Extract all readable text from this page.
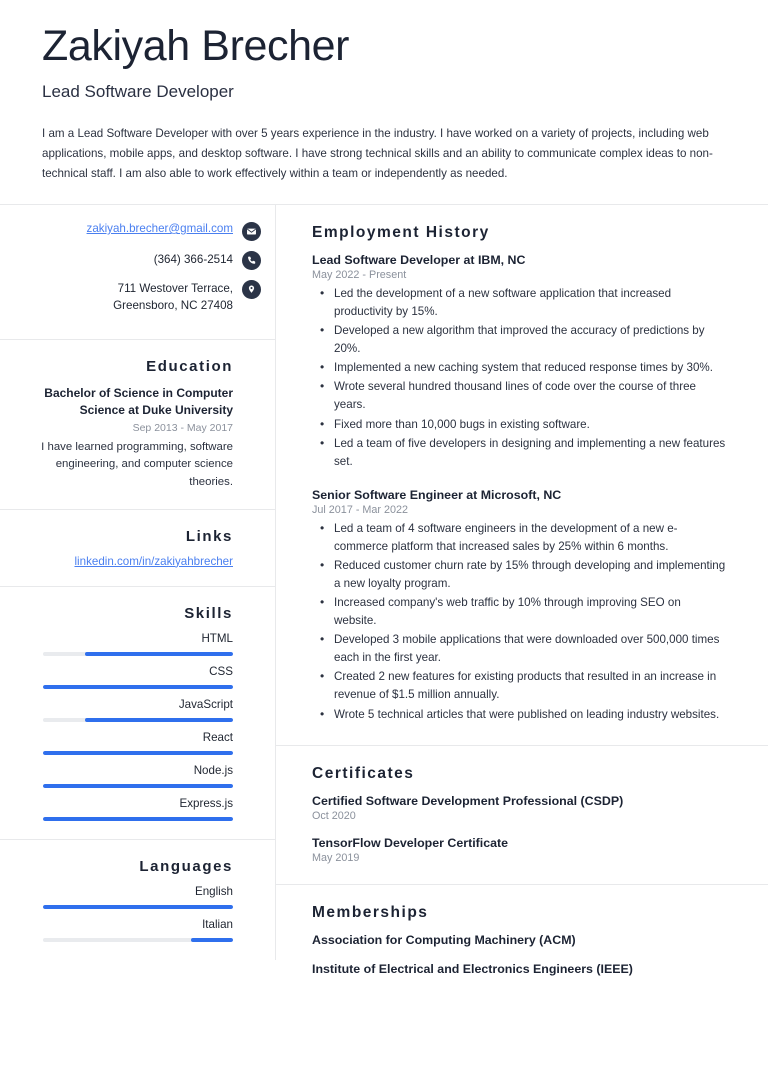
Zakiyah Brecher
Lead Software Developer
I am a Lead Software Developer with over 5 years experience in the industry. I have worked on a variety of projects, including web applications, mobile apps, and desktop software. I have strong technical skills and an ability to communicate complex ideas to non-technical staff. I am also able to work effectively within a team or independently as needed.
zakiyah.brecher@gmail.com
(364) 366-2514
711 Westover Terrace,
Greensboro, NC 27408
Education
Bachelor of Science in Computer Science at Duke University
Sep 2013 - May 2017
I have learned programming, software engineering, and computer science theories.
Links
linkedin.com/in/zakiyahbrecher
Skills
HTML
CSS
JavaScript
React
Node.js
Express.js
Languages
English
Italian
Employment History
Lead Software Developer at IBM, NC
May 2022 - Present
• Led the development of a new software application that increased productivity by 15%.
• Developed a new algorithm that improved the accuracy of predictions by 20%.
• Implemented a new caching system that reduced response times by 30%.
• Wrote several hundred thousand lines of code over the course of three years.
• Fixed more than 10,000 bugs in existing software.
• Led a team of five developers in designing and implementing a new features set.
Senior Software Engineer at Microsoft, NC
Jul 2017 - Mar 2022
• Led a team of 4 software engineers in the development of a new e-commerce platform that increased sales by 25% within 6 months.
• Reduced customer churn rate by 15% through developing and implementing a new loyalty program.
• Increased company's web traffic by 10% through improving SEO on website.
• Developed 3 mobile applications that were downloaded over 500,000 times each in the first year.
• Created 2 new features for existing products that resulted in an increase in revenue of $1.5 million annually.
• Wrote 5 technical articles that were published on leading industry websites.
Certificates
Certified Software Development Professional (CSDP)
Oct 2020
TensorFlow Developer Certificate
May 2019
Memberships
Association for Computing Machinery (ACM)
Institute of Electrical and Electronics Engineers (IEEE)
